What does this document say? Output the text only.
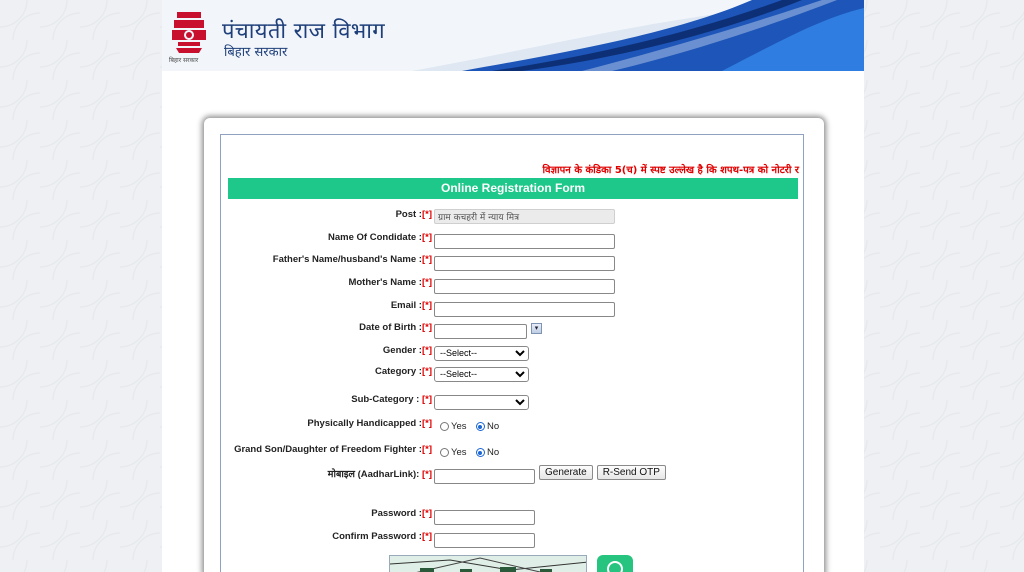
बिहार सरकार
पंचायती राज विभाग
बिहार सरकार
विज्ञापन के कंडिका 5(च) में स्पष्ट उल्लेख है कि शपथ-पत्र को नोटरी र
Online Registration Form
Post :[*]
ग्राम कचहरी में न्याय मित्र
Name Of Condidate :[*]
Father's Name/husband's Name :[*]
Mother's Name :[*]
Email :[*]
Date of Birth :[*]	▾
Gender :[*]
--Select--
Category :[*]
--Select--
Sub-Category : [*]
Physically Handicapped :[*] Yes
No
Grand Son/Daughter of Freedom Fighter :[*] Yes
No
मोबाइल (AadharLink): [*]	Generate R-Send OTP
Password :[*]
Confirm Password :[*]
